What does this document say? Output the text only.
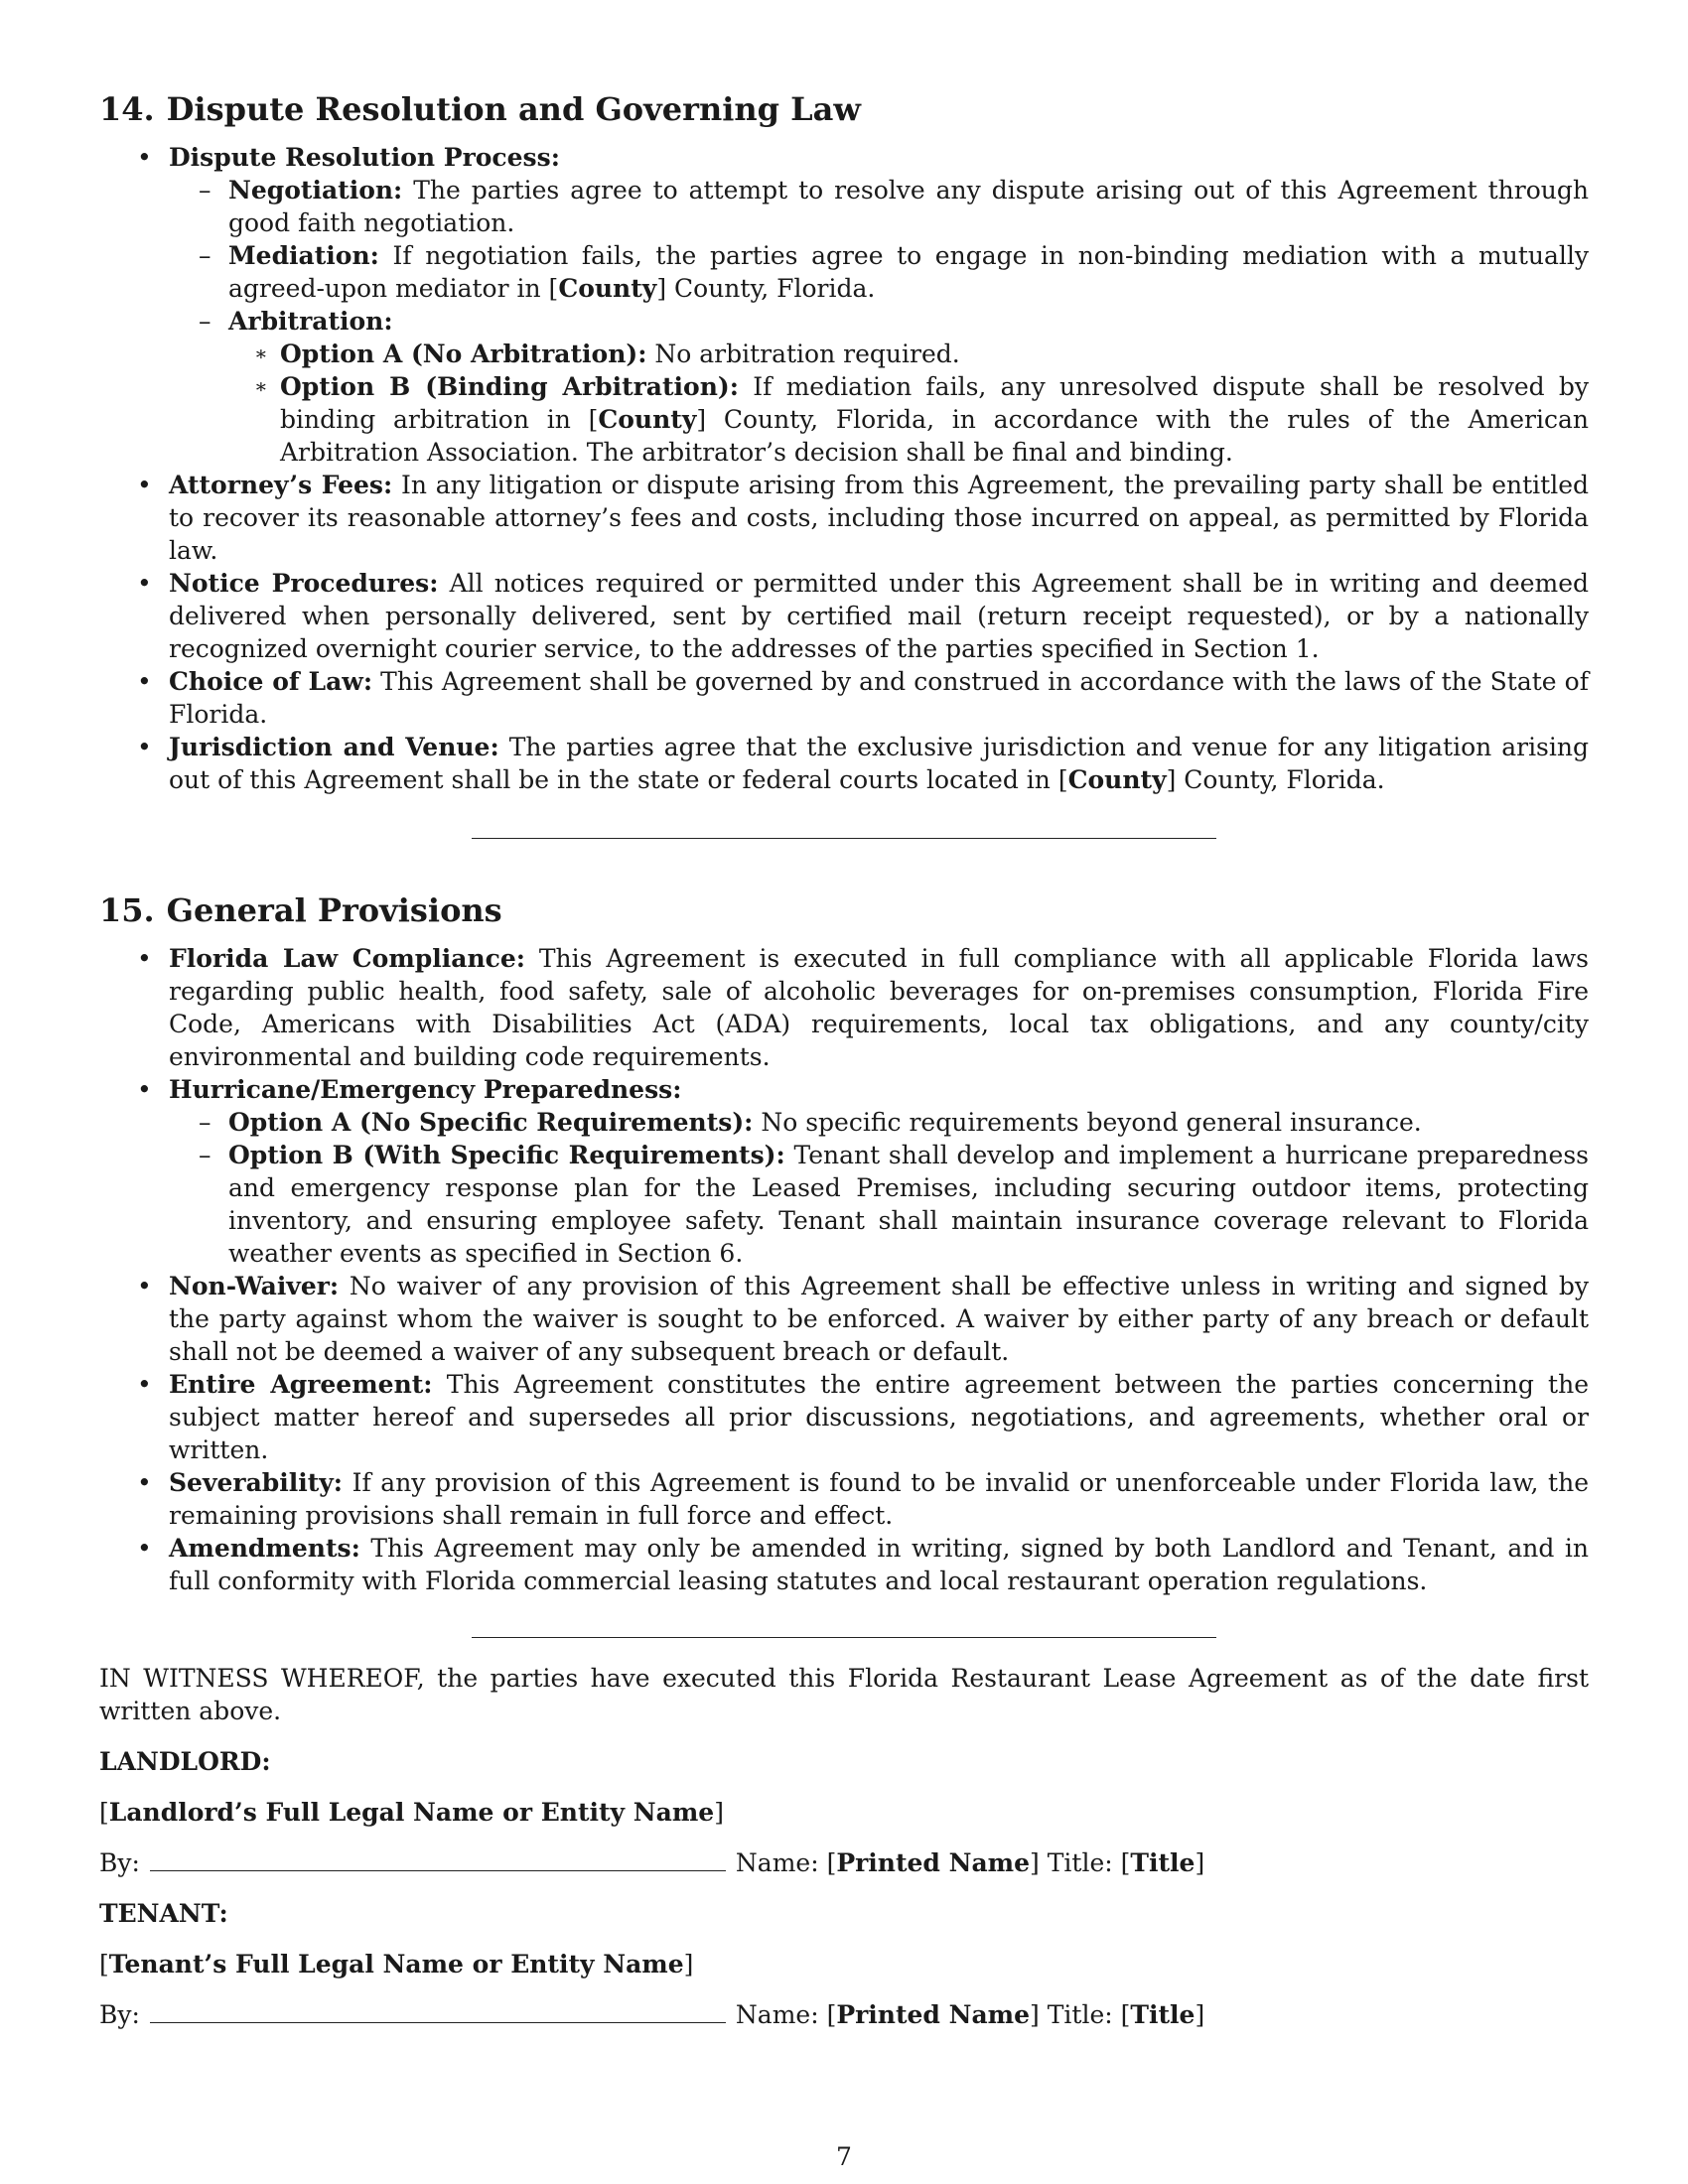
14. Dispute Resolution and Governing Law
• Dispute Resolution Process:
– Negotiation: The parties agree to attempt to resolve any dispute arising out of this Agreement through good faith negotiation.
– Mediation: If negotiation fails, the parties agree to engage in non-binding mediation with a mutually agreed-upon mediator in [County] County, Florida.
– Arbitration:
∗ Option A (No Arbitration): No arbitration required.
∗ Option B (Binding Arbitration): If mediation fails, any unresolved dispute shall be resolved by binding arbitration in [County] County, Florida, in accordance with the rules of the American Arbitration Association. The arbitrator’s decision shall be final and binding.
• Attorney’s Fees: In any litigation or dispute arising from this Agreement, the prevailing party shall be entitled to recover its reasonable attorney’s fees and costs, including those incurred on appeal, as permitted by Florida law.
• Notice Procedures: All notices required or permitted under this Agreement shall be in writing and deemed delivered when personally delivered, sent by certified mail (return receipt requested), or by a nationally recognized overnight courier service, to the addresses of the parties specified in Section 1.
• Choice of Law: This Agreement shall be governed by and construed in accordance with the laws of the State of Florida.
• Jurisdiction and Venue: The parties agree that the exclusive jurisdiction and venue for any litigation arising out of this Agreement shall be in the state or federal courts located in [County] County, Florida.
15. General Provisions
• Florida Law Compliance: This Agreement is executed in full compliance with all applicable Florida laws regarding public health, food safety, sale of alcoholic beverages for on-premises consumption, Florida Fire Code, Americans with Disabilities Act (ADA) requirements, local tax obligations, and any county/city environmental and building code requirements.
• Hurricane/Emergency Preparedness:
– Option A (No Specific Requirements): No specific requirements beyond general insurance.
– Option B (With Specific Requirements): Tenant shall develop and implement a hurricane preparedness and emergency response plan for the Leased Premises, including securing outdoor items, protecting inventory, and ensuring employee safety. Tenant shall maintain insurance coverage relevant to Florida weather events as specified in Section 6.
• Non-Waiver: No waiver of any provision of this Agreement shall be effective unless in writing and signed by the party against whom the waiver is sought to be enforced. A waiver by either party of any breach or default shall not be deemed a waiver of any subsequent breach or default.
• Entire Agreement: This Agreement constitutes the entire agreement between the parties concerning the subject matter hereof and supersedes all prior discussions, negotiations, and agreements, whether oral or written.
• Severability: If any provision of this Agreement is found to be invalid or unenforceable under Florida law, the remaining provisions shall remain in full force and effect.
• Amendments: This Agreement may only be amended in writing, signed by both Landlord and Tenant, and in full conformity with Florida commercial leasing statutes and local restaurant operation regulations.

IN WITNESS WHEREOF, the parties have executed this Florida Restaurant Lease Agreement as of the date first written above.

LANDLORD:
[Landlord’s Full Legal Name or Entity Name]
By:	Name: [ Printed Name ] Title: [ Title ]
TENANT:
[Tenant’s Full Legal Name or Entity Name]
By:	Name: [ Printed Name ] Title: [ Title ]
7
